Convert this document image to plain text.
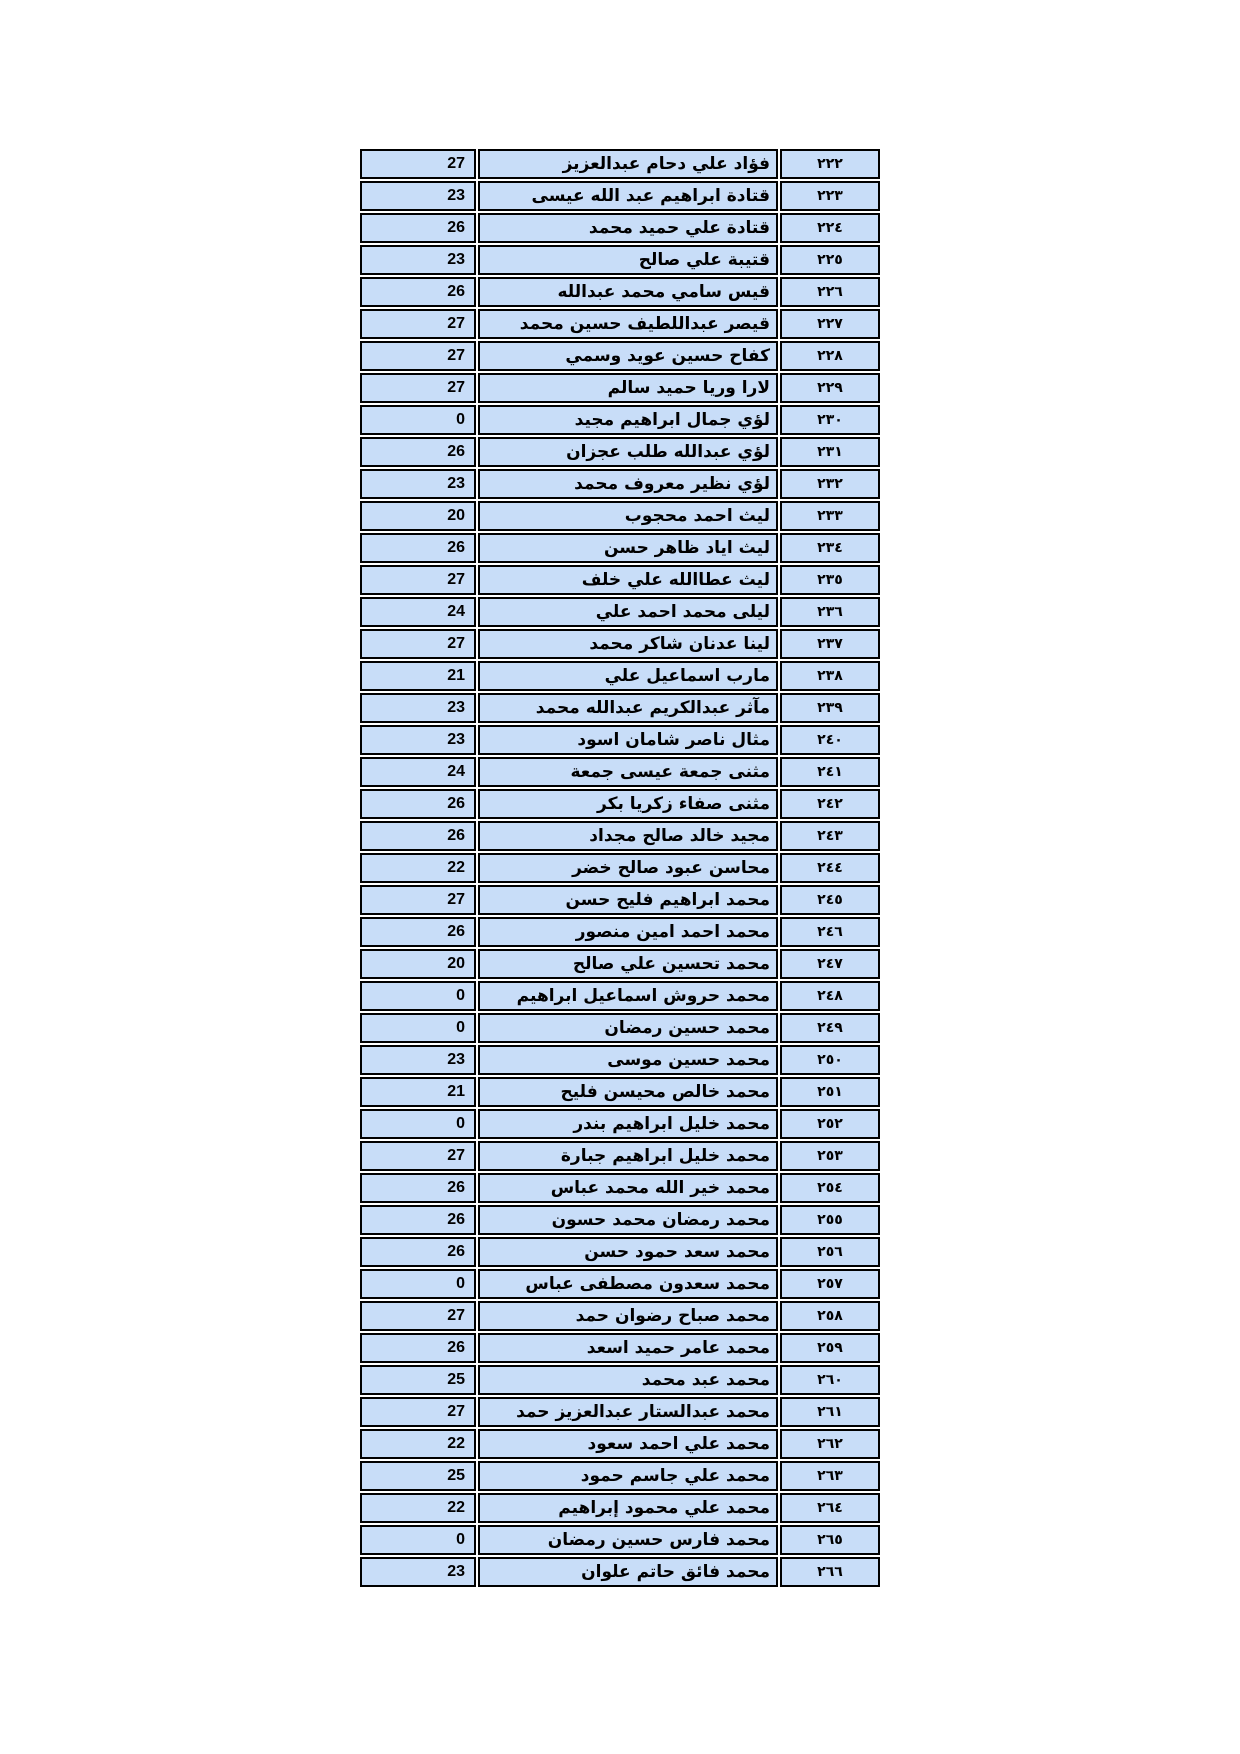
27	فؤاد علي دحام عبدالعزيز	٢٢٢
23	قتادة ابراهيم عبد الله عيسى	٢٢٣
26	قتادة علي حميد محمد	٢٢٤
23	قتيبة علي صالح	٢٢٥
26	قيس سامي محمد عبدالله	٢٢٦
27	قيصر عبداللطيف حسين محمد	٢٢٧
27	كفاح حسين عويد وسمي	٢٢٨
27	لارا وريا حميد سالم	٢٢٩
0	لؤي جمال ابراهيم مجيد	٢٣٠
26	لؤي عبدالله طلب عجزان	٢٣١
23	لؤي نظير معروف محمد	٢٣٢
20	ليث احمد محجوب	٢٣٣
26	ليث اياد ظاهر حسن	٢٣٤
27	ليث عطاالله علي خلف	٢٣٥
24	ليلى محمد احمد علي	٢٣٦
27	لينا عدنان شاكر محمد	٢٣٧
21	مارب اسماعيل علي	٢٣٨
23	مآثر عبدالكريم عبدالله محمد	٢٣٩
23	مثال ناصر شامان اسود	٢٤٠
24	مثنى جمعة عيسى جمعة	٢٤١
26	مثنى صفاء زكريا بكر	٢٤٢
26	مجيد خالد صالح مجداد	٢٤٣
22	محاسن عبود صالح خضر	٢٤٤
27	محمد ابراهيم فليح حسن	٢٤٥
26	محمد احمد امين منصور	٢٤٦
20	محمد تحسين علي صالح	٢٤٧
0	محمد حروش اسماعيل ابراهيم	٢٤٨
0	محمد حسين رمضان	٢٤٩
23	محمد حسين موسى	٢٥٠
21	محمد خالص محيسن فليح	٢٥١
0	محمد خليل ابراهيم بندر	٢٥٢
27	محمد خليل ابراهيم جبارة	٢٥٣
26	محمد خير الله محمد عباس	٢٥٤
26	محمد رمضان محمد حسون	٢٥٥
26	محمد سعد حمود حسن	٢٥٦
0	محمد سعدون مصطفى عباس	٢٥٧
27	محمد صباح رضوان حمد	٢٥٨
26	محمد عامر حميد اسعد	٢٥٩
25	محمد عبد محمد	٢٦٠
27	محمد عبدالستار عبدالعزيز حمد	٢٦١
22	محمد علي احمد سعود	٢٦٢
25	محمد علي جاسم حمود	٢٦٣
22	محمد علي محمود إبراهيم	٢٦٤
0	محمد فارس حسين رمضان	٢٦٥
23	محمد فائق حاتم علوان	٢٦٦
